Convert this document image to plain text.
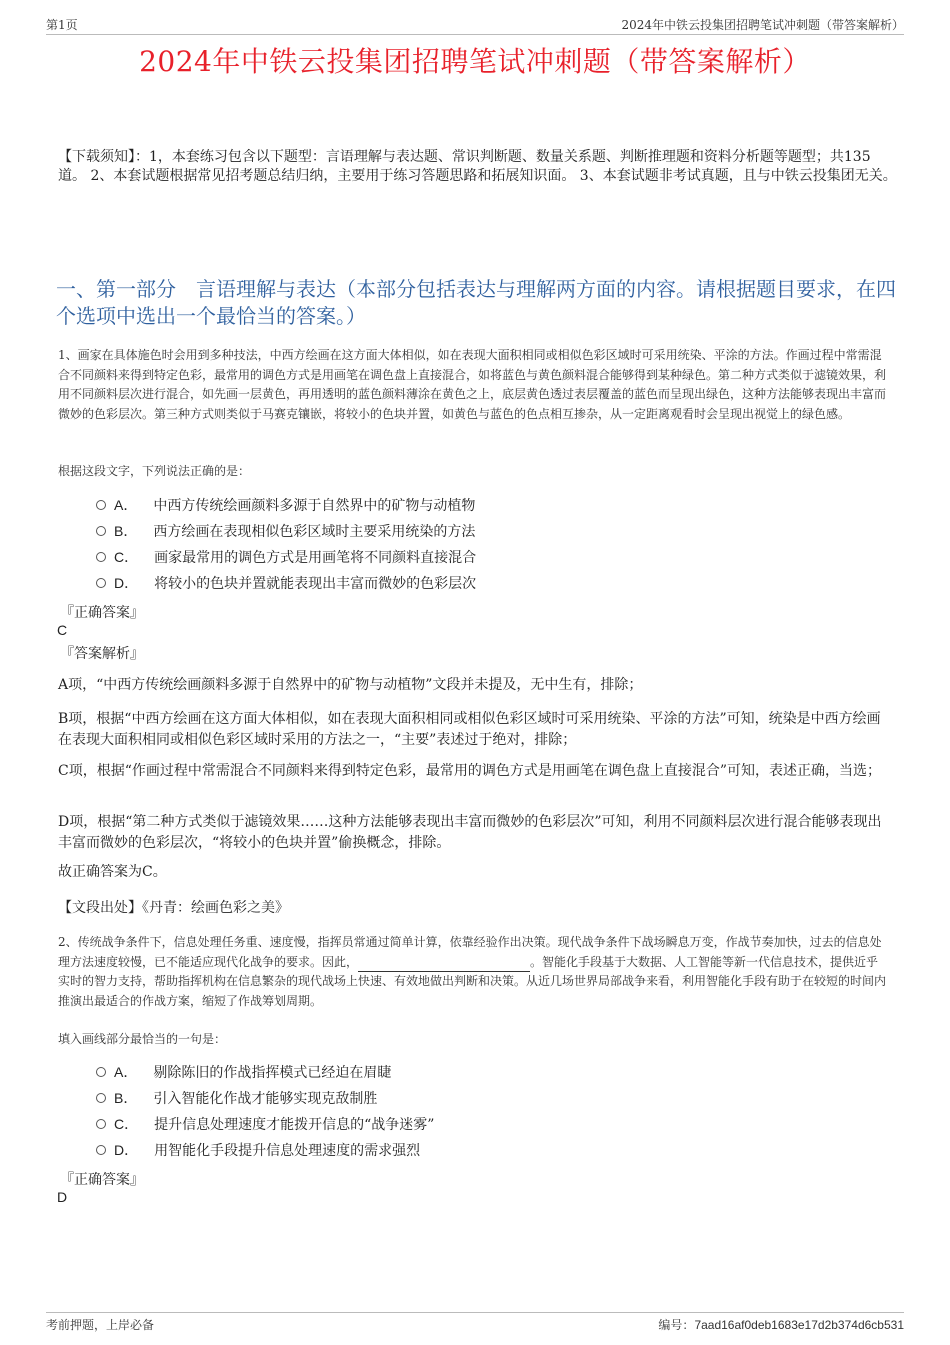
第1页	2024年中铁云投集团招聘笔试冲刺题（带答案解析）
2024年中铁云投集团招聘笔试冲刺题（带答案解析）
【下载须知】：1，本套练习包含以下题型：言语理解与表达题、常识判断题、数量关系题、判断推理题和资料分析题等题型；共135道。 2、本套试题根据常见招考题总结归纳，主要用于练习答题思路和拓展知识面。 3、本套试题非考试真题，且与中铁云投集团无关。
一、第一部分　言语理解与表达（本部分包括表达与理解两方面的内容。请根据题目要求，在四个选项中选出一个最恰当的答案。）
1、画家在具体施色时会用到多种技法，中西方绘画在这方面大体相似，如在表现大面积相同或相似色彩区域时可采用统染、平涂的方法。作画过程中常需混合不同颜料来得到特定色彩，最常用的调色方式是用画笔在调色盘上直接混合，如将蓝色与黄色颜料混合能够得到某种绿色。第二种方式类似于滤镜效果，利用不同颜料层次进行混合，如先画一层黄色，再用透明的蓝色颜料薄涂在黄色之上，底层黄色透过表层覆盖的蓝色而呈现出绿色，这种方法能够表现出丰富而微妙的色彩层次。第三种方式则类似于马赛克镶嵌，将较小的色块并置，如黄色与蓝色的色点相互掺杂，从一定距离观看时会呈现出视觉上的绿色感。
根据这段文字，下列说法正确的是：
A． 中西方传统绘画颜料多源于自然界中的矿物与动植物
B． 西方绘画在表现相似色彩区域时主要采用统染的方法
C． 画家最常用的调色方式是用画笔将不同颜料直接混合
D． 将较小的色块并置就能表现出丰富而微妙的色彩层次
『正确答案』
C
『答案解析』
A项，“中西方传统绘画颜料多源于自然界中的矿物与动植物”文段并未提及，无中生有，排除；
B项，根据“中西方绘画在这方面大体相似，如在表现大面积相同或相似色彩区域时可采用统染、平涂的方法”可知，统染是中西方绘画在表现大面积相同或相似色彩区域时采用的方法之一，“主要”表述过于绝对，排除；
C项，根据“作画过程中常需混合不同颜料来得到特定色彩，最常用的调色方式是用画笔在调色盘上直接混合”可知，表述正确，当选；
D项，根据“第二种方式类似于滤镜效果……这种方法能够表现出丰富而微妙的色彩层次”可知，利用不同颜料层次进行混合能够表现出丰富而微妙的色彩层次，“将较小的色块并置”偷换概念，排除。
故正确答案为C。
【文段出处】《丹青：绘画色彩之美》
2、传统战争条件下，信息处理任务重、速度慢，指挥员常通过简单计算，依靠经验作出决策。现代战争条件下战场瞬息万变，作战节奏加快，过去的信息处理方法速度较慢，已不能适应现代化战争的要求。因此，	。智能化手段基于大数据、人工智能等新一代信息技术，提供近乎实时的智力支持，帮助指挥机构在信息繁杂的现代战场上快速、有效地做出判断和决策。从近几场世界局部战争来看，利用智能化手段有助于在较短的时间内推演出最适合的作战方案，缩短了作战筹划周期。
填入画线部分最恰当的一句是：
A． 剔除陈旧的作战指挥模式已经迫在眉睫
B． 引入智能化作战才能够实现克敌制胜
C． 提升信息处理速度才能拨开信息的“战争迷雾”
D． 用智能化手段提升信息处理速度的需求强烈
『正确答案』
D
考前押题，上岸必备	编号：7aad16af0deb1683e17d2b374d6cb531
